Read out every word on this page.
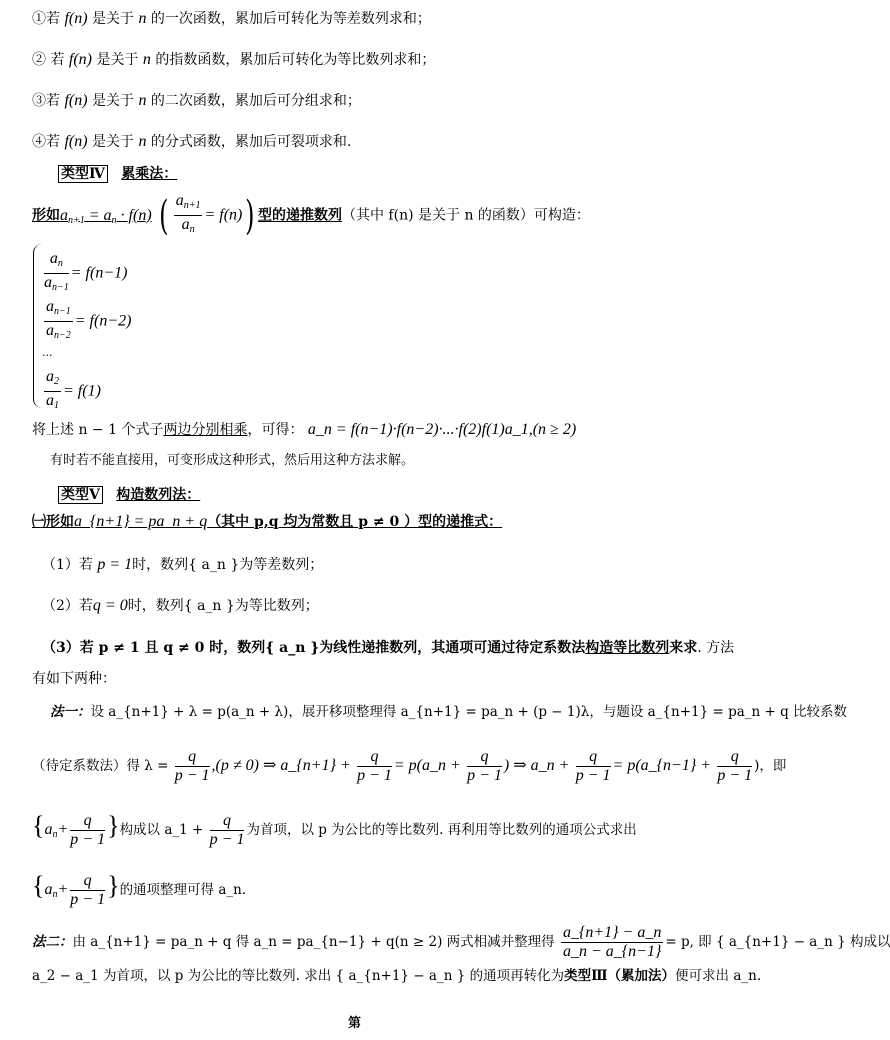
①若 f(n) 是关于 n 的一次函数，累加后可转化为等差数列求和；
② 若 f(n) 是关于 n 的指数函数，累加后可转化为等比数列求和；
③若 f(n) 是关于 n 的二次函数，累加后可分组求和；
④若 f(n) 是关于 n 的分式函数，累加后可裂项求和.
类型Ⅳ 累乘法：
形如$a_{n+1} = a_n \cdot f(n)$ ( $\frac{a_{n+1}}{a_n} = f(n)$) 型的递推数列（其中 f(n) 是关于 n 的函数）可构造：
$\frac{a_n}{a_{n-1}} = f(n-1)$
$\frac{a_{n-1}}{a_{n-2}} = f(n-2)$
...
$\frac{a_2}{a_1} = f(1)$
将上述 n − 1 个式子两边分别相乘，可得： a_n = f(n−1)·f(n−2)·...·f(2)f(1)a_1,(n ≥ 2)
有时若不能直接用，可变形成这种形式，然后用这种方法求解。
类型Ⅴ 构造数列法：
㈠形如a_{n+1} = pa_n + q（其中 p,q 均为常数且 p ≠ 0 ）型的递推式：
（1）若 p = 1时，数列{ a_n }为等差数列；
（2）若q = 0时，数列{ a_n }为等比数列；
（3）若 p ≠ 1 且 q ≠ 0 时，数列{ a_n }为线性递推数列，其通项可通过待定系数法构造等比数列来求. 方法
有如下两种：
法一：设 a_{n+1} + λ = p(a_n + λ)，展开移项整理得 a_{n+1} = pa_n + (p − 1)λ，与题设 a_{n+1} = pa_n + q 比较系数
（待定系数法）得 $\lambda = \frac{q}{p - 1} ,(p \ne 0)$ ⇒ a_{n+1} + $\frac{q}{p - 1}$ = p(a_n + $\frac{q}{p - 1}$ ) ⇒ a_n + $\frac{q}{p - 1}$ = p(a_{n−1} + $\frac{q}{p - 1}$ )，即
{$a_n+ \frac{q}{p - 1}$ }构成以 a_1 + $\frac{q}{p - 1}$ 为首项，以 p 为公比的等比数列. 再利用等比数列的通项公式求出
{$a_n+ \frac{q}{p - 1}$ }的通项整理可得 a_n.
法二：由 a_{n+1} = pa_n + q 得 a_n = pa_{n−1} + q(n ≥ 2) 两式相减并整理得 $\frac{a\_\{n+1\} - a\_n}{a\_n - a\_\{n-1\}} = p$, 即 { a_{n+1} − a_n } 构成以
a_2 − a_1 为首项，以 p 为公比的等比数列. 求出 { a_{n+1} − a_n } 的通项再转化为类型Ⅲ（累加法）便可求出 a_n.
第
